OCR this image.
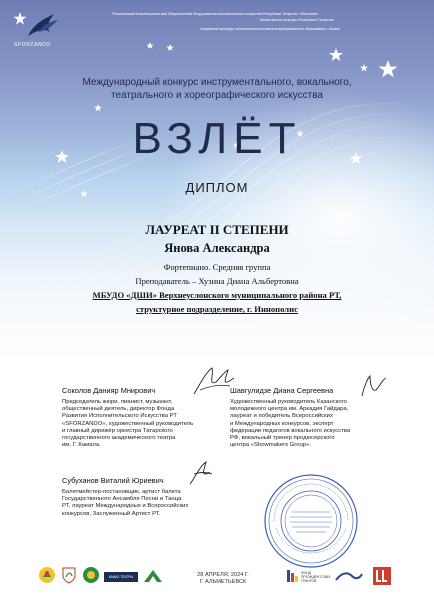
SFORZANDO
Региональный Благотворительный Общественный Фонд развития исполнительского искусства Республики Татарстан «Sforzando»
Министерство культуры Республики Татарстан
Управление культуры исполнительного комитета муниципального образования г. Казань
Международный конкурс инструментального, вокального,
театрального и хореографического искусства
ВЗЛЁТ
ДИПЛОМ
ЛАУРЕАТ II СТЕПЕНИ
Янова Александра
Фортепиано. Средняя группа
Преподаватель – Хузина Диана Альбертовна
МБУДО «ДШИ» Верхнеуслонского муниципального района РТ,
структурное подразделение, г. Иннополис
Соколов Данияр Мнирович
Председатель жюри, пианист, музыкант,
общественный деятель, директор Фонда
Развития Исполнительского Искусства РТ
«SFORZANDO», художественный руководитель
и главный дирижёр оркестра Татарского
государственного академического театра
им. Г. Камала.
Шавгулидзе Диана Сергеевна
Художественный руководитель Казанского
молодежного центра им. Аркадия Гайдара,
лауреат и победитель Всероссийских
и Международных конкурсов, эксперт
федерации педагогов вокального искусства
РФ, вокальный тренер продюсерского
центра «Showmakers Group».
Субуханов Виталий Юриевич
Балетмейстер-постановщик, артист балета
Государственного Ансамбля Песни и Танца
РТ, лауреат Международных и Всероссийских
конкурсов, Заслуженный Артист РТ.
КАМАЗ ТЕАТРЫ	28 АПРЕЛЯ, 2024 Г.
Г. АЛЬМЕТЬЕВСК
ФОНД ПРЕЗИДЕНТСКИХ ГРАНТОВ
